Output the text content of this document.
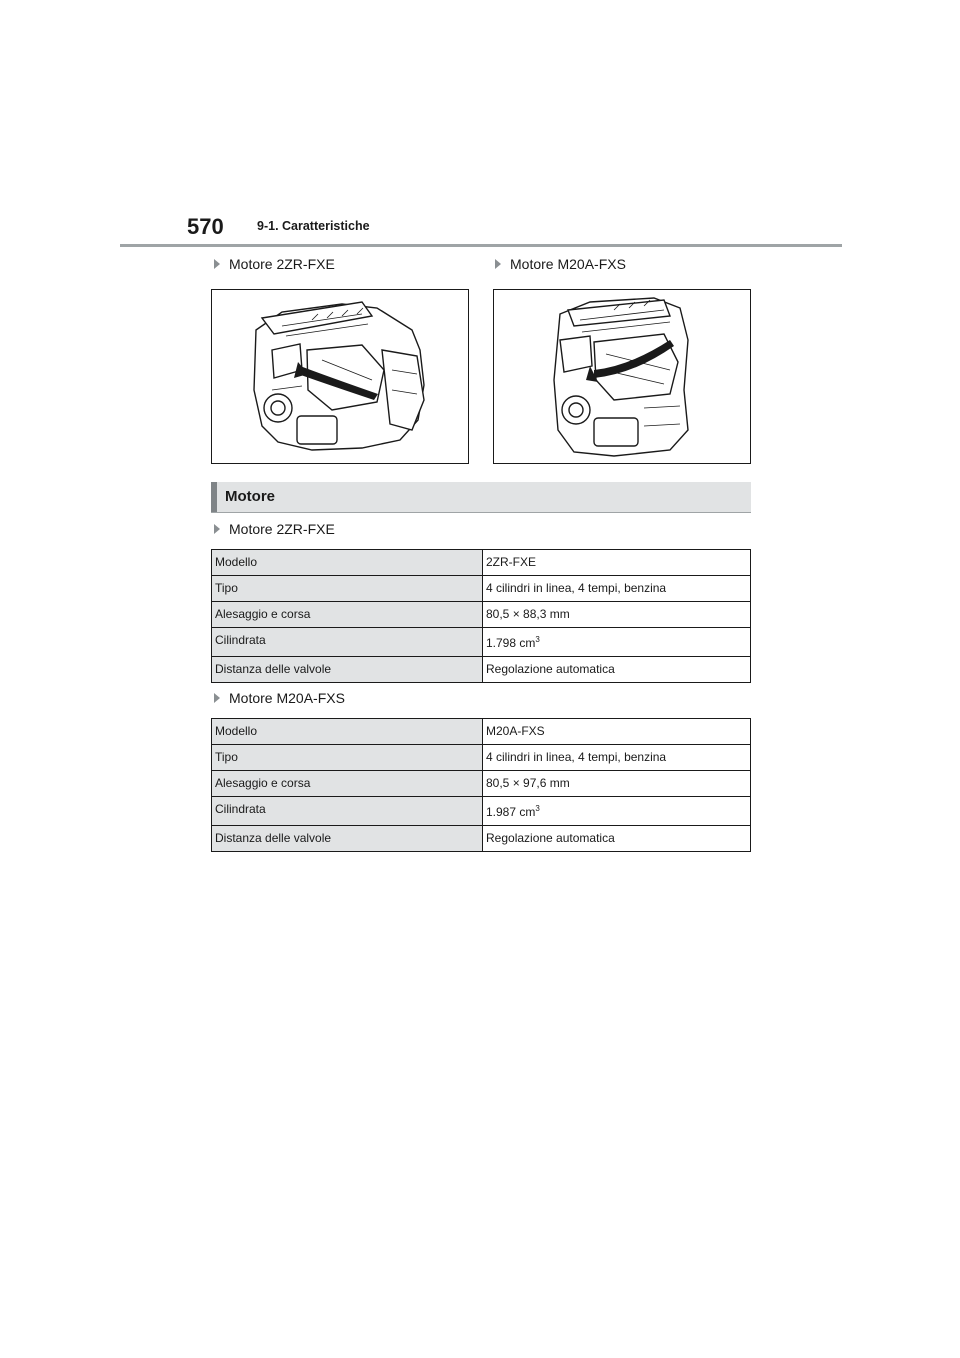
570	9-1. Caratteristiche
Motore 2ZR-FXE	Motore M20A-FXS
Motore
Motore 2ZR-FXE
Modello	2ZR-FXE
Tipo	4 cilindri in linea, 4 tempi, benzina
Alesaggio e corsa	80,5 × 88,3 mm
Cilindrata	1.798 $cm^3$
Distanza delle valvole	Regolazione automatica
Motore M20A-FXS
Modello	M20A-FXS
Tipo	4 cilindri in linea, 4 tempi, benzina
Alesaggio e corsa	80,5 × 97,6 mm
Cilindrata	1.987 $cm^3$
Distanza delle valvole	Regolazione automatica
